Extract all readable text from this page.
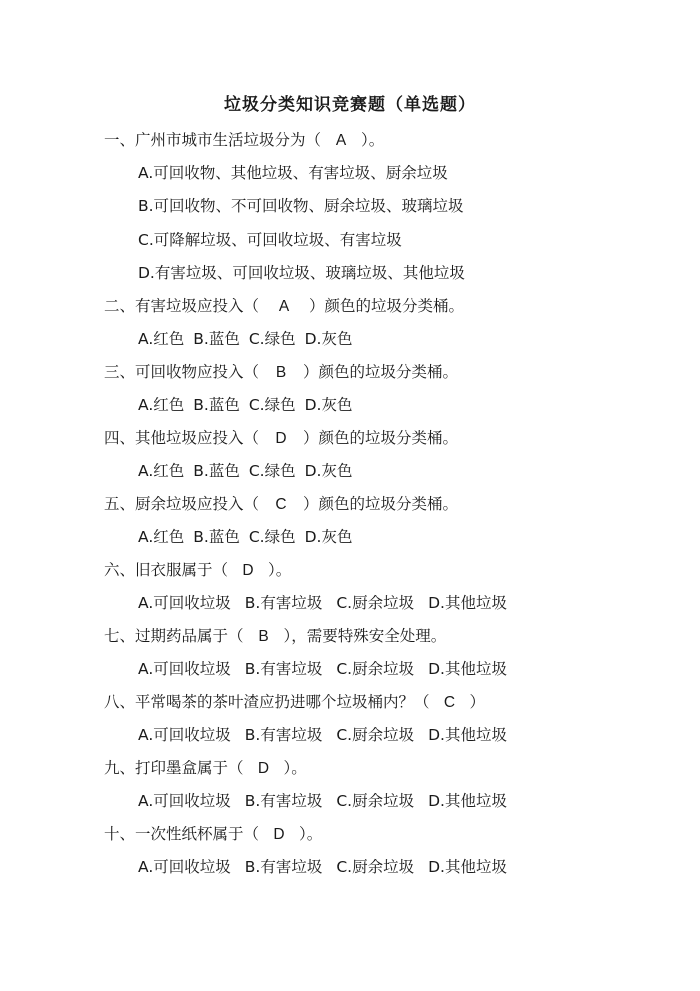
垃圾分类知识竞赛题（单选题）
一、广州市城市生活垃圾分为（ A ）。
A.可回收物、其他垃圾、有害垃圾、厨余垃圾
B.可回收物、不可回收物、厨余垃圾、玻璃垃圾
C.可降解垃圾、可回收垃圾、有害垃圾
D.有害垃圾、可回收垃圾、玻璃垃圾、其他垃圾
二、有害垃圾应投入（ A ）颜色的垃圾分类桶。
A.红色 B.蓝色 C.绿色 D.灰色
三、可回收物应投入（ B ）颜色的垃圾分类桶。
A.红色 B.蓝色 C.绿色 D.灰色
四、其他垃圾应投入（ D ）颜色的垃圾分类桶。
A.红色 B.蓝色 C.绿色 D.灰色
五、厨余垃圾应投入（ C ）颜色的垃圾分类桶。
A.红色 B.蓝色 C.绿色 D.灰色
六、旧衣服属于（ D ）。
A.可回收垃圾 B.有害垃圾 C.厨余垃圾 D.其他垃圾
七、过期药品属于（ B ），需要特殊安全处理。
A.可回收垃圾 B.有害垃圾 C.厨余垃圾 D.其他垃圾
八、平常喝茶的茶叶渣应扔进哪个垃圾桶内？（ C ）
A.可回收垃圾 B.有害垃圾 C.厨余垃圾 D.其他垃圾
九、打印墨盒属于（ D ）。
A.可回收垃圾 B.有害垃圾 C.厨余垃圾 D.其他垃圾
十、一次性纸杯属于（ D ）。
A.可回收垃圾 B.有害垃圾 C.厨余垃圾 D.其他垃圾
